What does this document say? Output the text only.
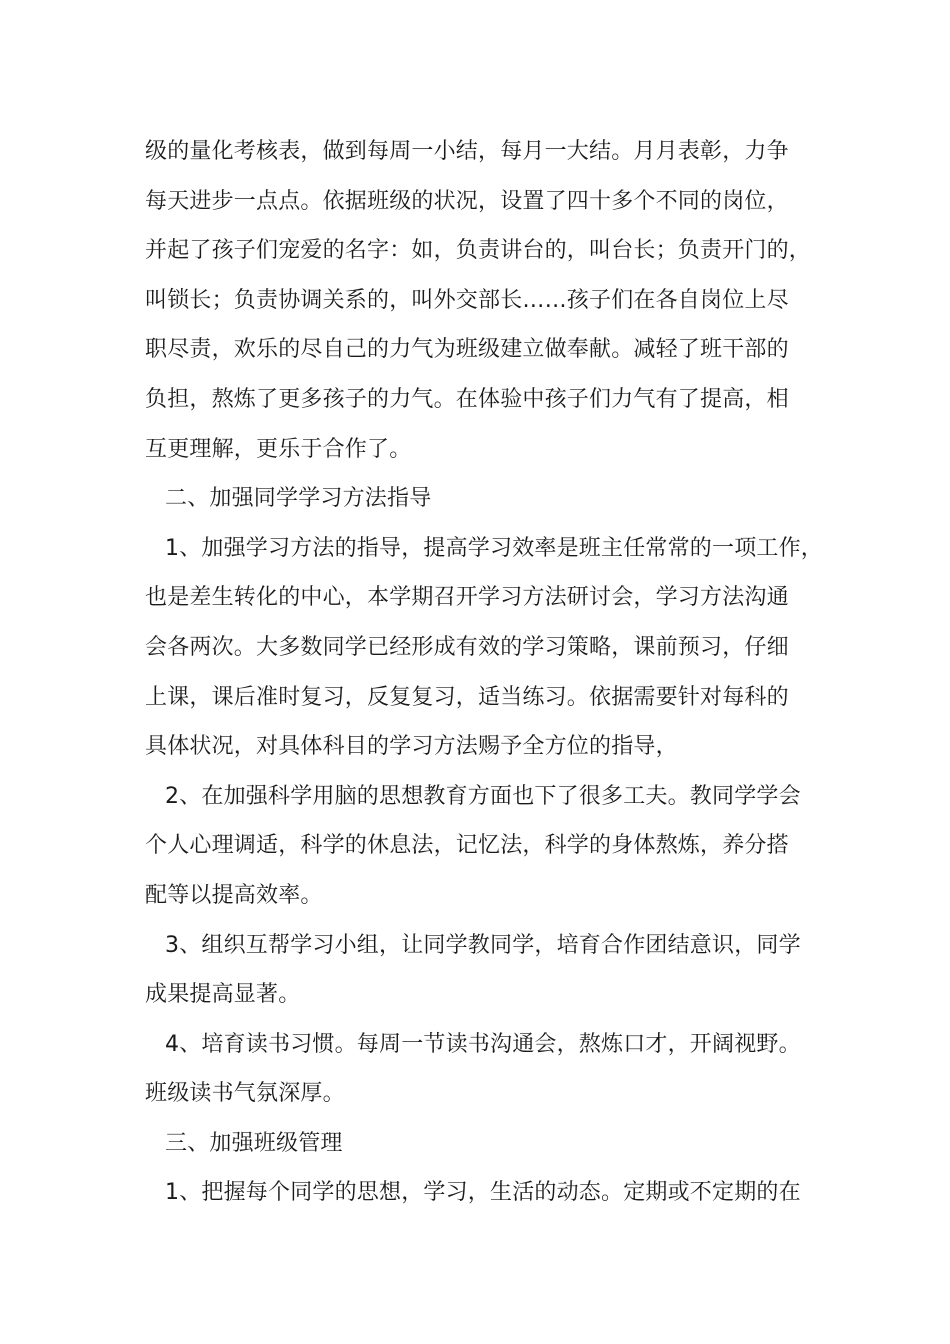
级的量化考核表，做到每周一小结，每月一大结。月月表彰，力争
每天进步一点点。依据班级的状况，设置了四十多个不同的岗位，
并起了孩子们宠爱的名字：如，负责讲台的，叫台长；负责开门的，
叫锁长；负责协调关系的，叫外交部长……孩子们在各自岗位上尽
职尽责，欢乐的尽自己的力气为班级建立做奉献。减轻了班干部的
负担，熬炼了更多孩子的力气。在体验中孩子们力气有了提高，相
互更理解，更乐于合作了。
二、加强同学学习方法指导
1、加强学习方法的指导，提高学习效率是班主任常常的一项工作，
也是差生转化的中心，本学期召开学习方法研讨会，学习方法沟通
会各两次。大多数同学已经形成有效的学习策略，课前预习，仔细
上课，课后准时复习，反复复习，适当练习。依据需要针对每科的
具体状况，对具体科目的学习方法赐予全方位的指导，
2、在加强科学用脑的思想教育方面也下了很多工夫。教同学学会
个人心理调适，科学的休息法，记忆法，科学的身体熬炼，养分搭
配等以提高效率。
3、组织互帮学习小组，让同学教同学，培育合作团结意识，同学
成果提高显著。
4、培育读书习惯。每周一节读书沟通会，熬炼口才，开阔视野。
班级读书气氛深厚。
三、加强班级管理
1、把握每个同学的思想，学习，生活的动态。定期或不定期的在
